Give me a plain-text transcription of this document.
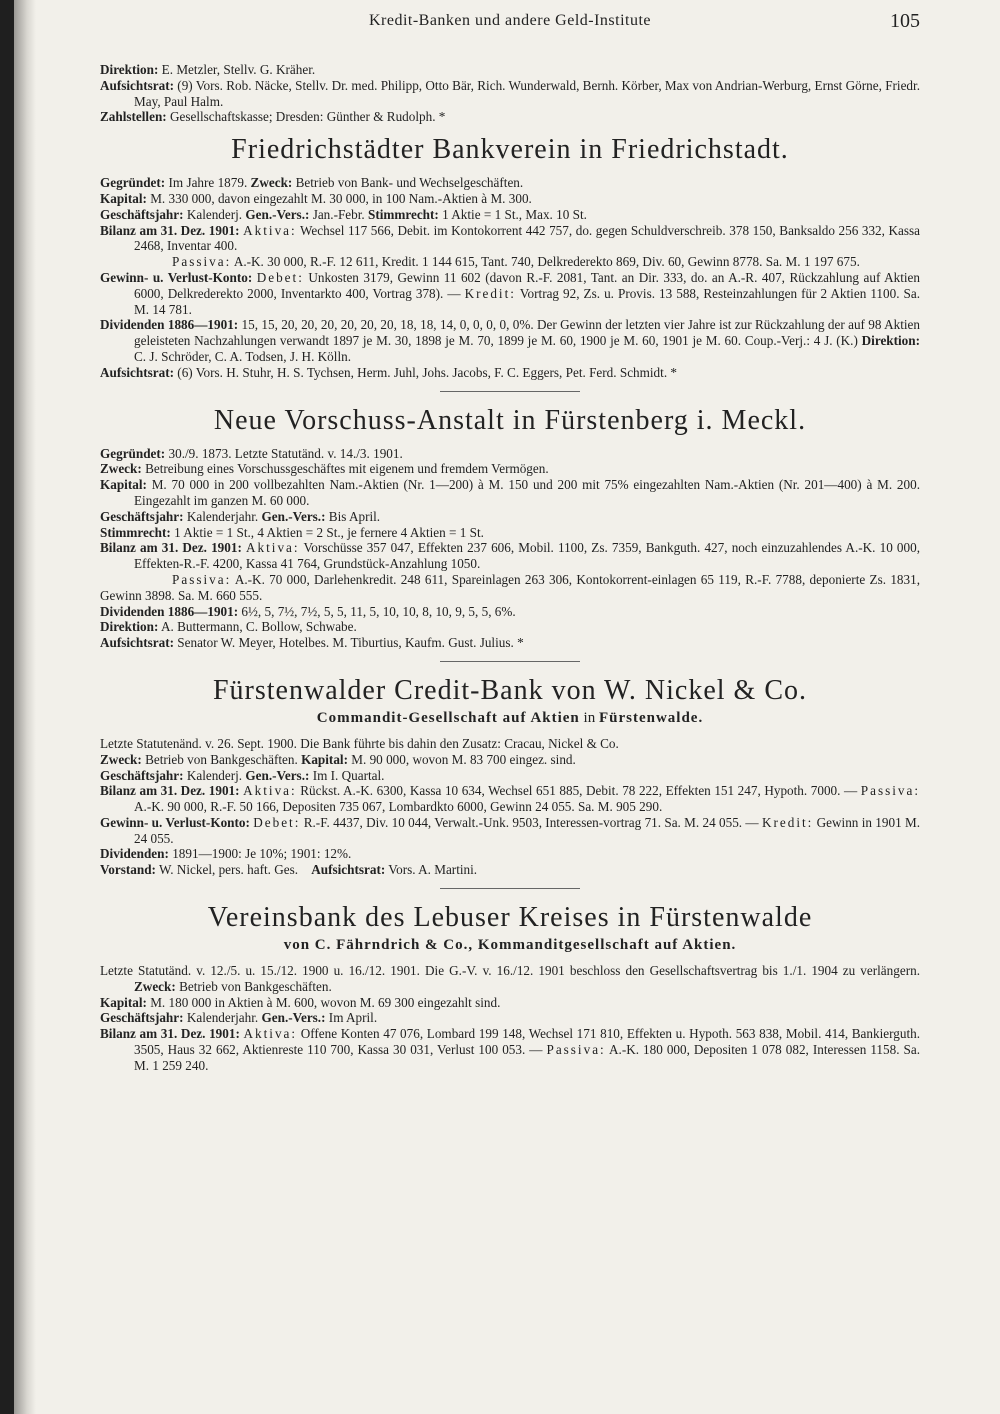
Kredit-Banken und andere Geld-Institute	105

Direktion: E. Metzler, Stellv. G. Kräher.

Aufsichtsrat: (9) Vors. Rob. Näcke, Stellv. Dr. med. Philipp, Otto Bär, Rich. Wunderwald, Bernh. Körber, Max von Andrian-Werburg, Ernst Görne, Friedr. May, Paul Halm.

Zahlstellen: Gesellschaftskasse; Dresden: Günther & Rudolph. *

Friedrichstädter Bankverein in Friedrichstadt.

Gegründet: Im Jahre 1879. Zweck: Betrieb von Bank- und Wechselgeschäften.

Kapital: M. 330 000, davon eingezahlt M. 30 000, in 100 Nam.-Aktien à M. 300.

Geschäftsjahr: Kalenderj. Gen.-Vers.: Jan.-Febr. Stimmrecht: 1 Aktie = 1 St., Max. 10 St.

Bilanz am 31. Dez. 1901: Aktiva: Wechsel 117 566, Debit. im Kontokorrent 442 757, do. gegen Schuldverschreib. 378 150, Banksaldo 256 332, Kassa 2468, Inventar 400.

Passiva: A.-K. 30 000, R.-F. 12 611, Kredit. 1 144 615, Tant. 740, Delkrederekto 869, Div. 60, Gewinn 8778. Sa. M. 1 197 675.

Gewinn- u. Verlust-Konto: Debet: Unkosten 3179, Gewinn 11 602 (davon R.-F. 2081, Tant. an Dir. 333, do. an A.-R. 407, Rückzahlung auf Aktien 6000, Delkrederekto 2000, Inventarkto 400, Vortrag 378). — Kredit: Vortrag 92, Zs. u. Provis. 13 588, Resteinzahlungen für 2 Aktien 1100. Sa. M. 14 781.

Dividenden 1886—1901: 15, 15, 20, 20, 20, 20, 20, 20, 18, 18, 14, 0, 0, 0, 0, 0%. Der Gewinn der letzten vier Jahre ist zur Rückzahlung der auf 98 Aktien geleisteten Nachzahlungen verwandt 1897 je M. 30, 1898 je M. 70, 1899 je M. 60, 1900 je M. 60, 1901 je M. 60. Coup.-Verj.: 4 J. (K.) Direktion: C. J. Schröder, C. A. Todsen, J. H. Kölln.

Aufsichtsrat: (6) Vors. H. Stuhr, H. S. Tychsen, Herm. Juhl, Johs. Jacobs, F. C. Eggers, Pet. Ferd. Schmidt. *

Neue Vorschuss-Anstalt in Fürstenberg i. Meckl.

Gegründet: 30./9. 1873. Letzte Statutänd. v. 14./3. 1901.

Zweck: Betreibung eines Vorschussgeschäftes mit eigenem und fremdem Vermögen.

Kapital: M. 70 000 in 200 vollbezahlten Nam.-Aktien (Nr. 1—200) à M. 150 und 200 mit 75% eingezahlten Nam.-Aktien (Nr. 201—400) à M. 200. Eingezahlt im ganzen M. 60 000.

Geschäftsjahr: Kalenderjahr. Gen.-Vers.: Bis April.

Stimmrecht: 1 Aktie = 1 St., 4 Aktien = 2 St., je fernere 4 Aktien = 1 St.

Bilanz am 31. Dez. 1901: Aktiva: Vorschüsse 357 047, Effekten 237 606, Mobil. 1100, Zs. 7359, Bankguth. 427, noch einzuzahlendes A.-K. 10 000, Effekten-R.-F. 4200, Kassa 41 764, Grundstück-Anzahlung 1050.

Passiva: A.-K. 70 000, Darlehenkredit. 248 611, Spareinlagen 263 306, Kontokorrent-einlagen 65 119, R.-F. 7788, deponierte Zs. 1831, Gewinn 3898. Sa. M. 660 555.

Dividenden 1886—1901: 6½, 5, 7½, 7½, 5, 5, 11, 5, 10, 10, 8, 10, 9, 5, 5, 6%.

Direktion: A. Buttermann, C. Bollow, Schwabe.

Aufsichtsrat: Senator W. Meyer, Hotelbes. M. Tiburtius, Kaufm. Gust. Julius. *

Fürstenwalder Credit-Bank von W. Nickel & Co.
Commandit-Gesellschaft auf Aktien in Fürstenwalde.

Letzte Statutenänd. v. 26. Sept. 1900. Die Bank führte bis dahin den Zusatz: Cracau, Nickel & Co.

Zweck: Betrieb von Bankgeschäften. Kapital: M. 90 000, wovon M. 83 700 eingez. sind.

Geschäftsjahr: Kalenderj. Gen.-Vers.: Im I. Quartal.

Bilanz am 31. Dez. 1901: Aktiva: Rückst. A.-K. 6300, Kassa 10 634, Wechsel 651 885, Debit. 78 222, Effekten 151 247, Hypoth. 7000. — Passiva: A.-K. 90 000, R.-F. 50 166, Depositen 735 067, Lombardkto 6000, Gewinn 24 055. Sa. M. 905 290.

Gewinn- u. Verlust-Konto: Debet: R.-F. 4437, Div. 10 044, Verwalt.-Unk. 9503, Interessen-vortrag 71. Sa. M. 24 055. — Kredit: Gewinn in 1901 M. 24 055.

Dividenden: 1891—1900: Je 10%; 1901: 12%.

Vorstand: W. Nickel, pers. haft. Ges. Aufsichtsrat: Vors. A. Martini.

Vereinsbank des Lebuser Kreises in Fürstenwalde
von C. Fährndrich & Co., Kommanditgesellschaft auf Aktien.

Letzte Statutänd. v. 12./5. u. 15./12. 1900 u. 16./12. 1901. Die G.-V. v. 16./12. 1901 beschloss den Gesellschaftsvertrag bis 1./1. 1904 zu verlängern. Zweck: Betrieb von Bankgeschäften.

Kapital: M. 180 000 in Aktien à M. 600, wovon M. 69 300 eingezahlt sind.

Geschäftsjahr: Kalenderjahr. Gen.-Vers.: Im April.

Bilanz am 31. Dez. 1901: Aktiva: Offene Konten 47 076, Lombard 199 148, Wechsel 171 810, Effekten u. Hypoth. 563 838, Mobil. 414, Bankierguth. 3505, Haus 32 662, Aktienreste 110 700, Kassa 30 031, Verlust 100 053. — Passiva: A.-K. 180 000, Depositen 1 078 082, Interessen 1158. Sa. M. 1 259 240.
